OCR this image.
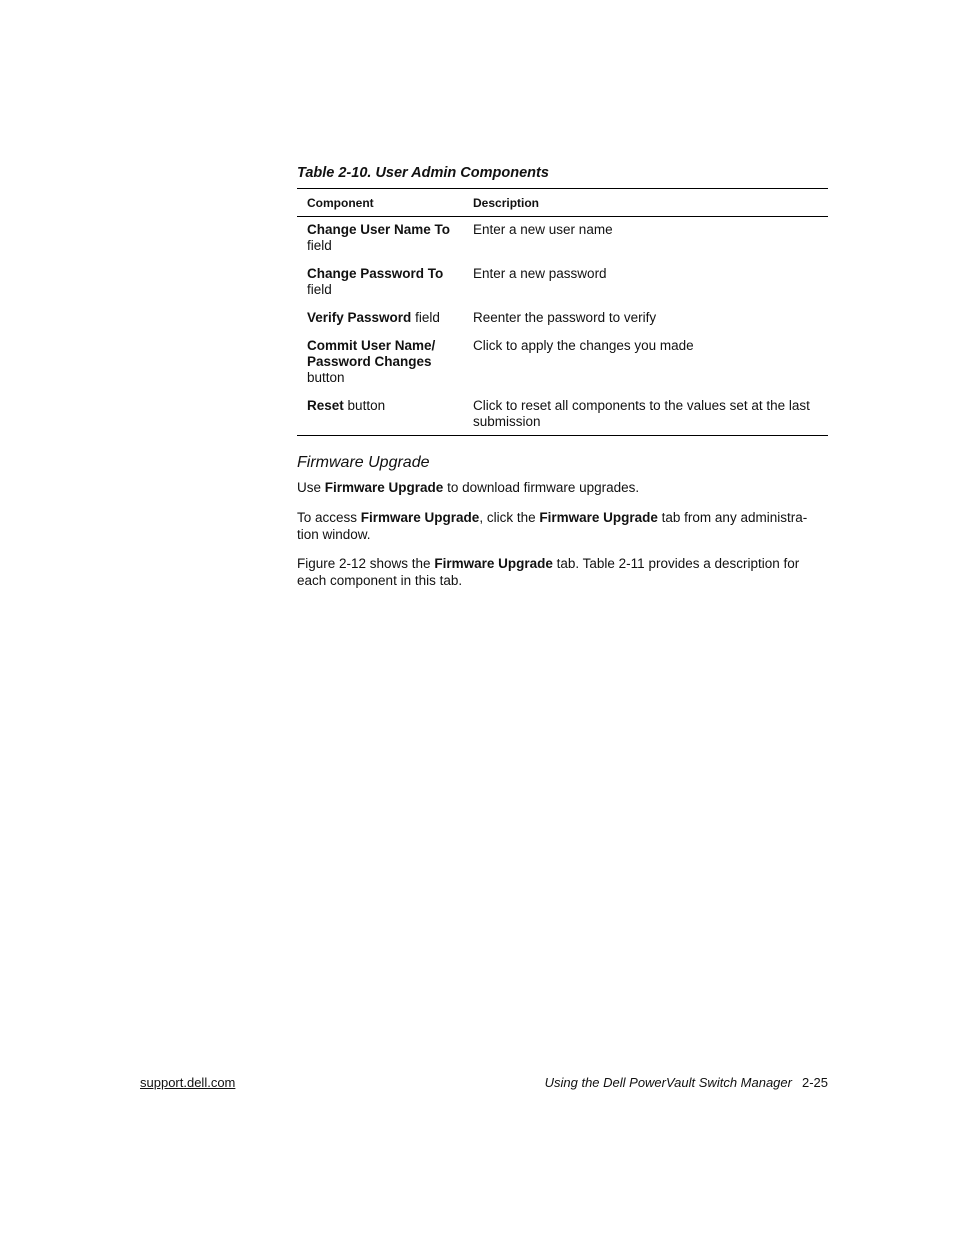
Table 2-10. User Admin Components

Component	Description
Change User Name To field	Enter a new user name
Change Password To field	Enter a new password
Verify Password field	Reenter the password to verify
Commit User Name/ Password Changes button	Click to apply the changes you made
Reset button	Click to reset all components to the values set at the last submission
Firmware Upgrade

Use Firmware Upgrade to download firmware upgrades.

To access Firmware Upgrade, click the Firmware Upgrade tab from any administra-tion window.

Figure 2-12 shows the Firmware Upgrade tab. Table 2-11 provides a description for each component in this tab.

support.dell.com	Using the Dell PowerVault Switch Manager 2-25
